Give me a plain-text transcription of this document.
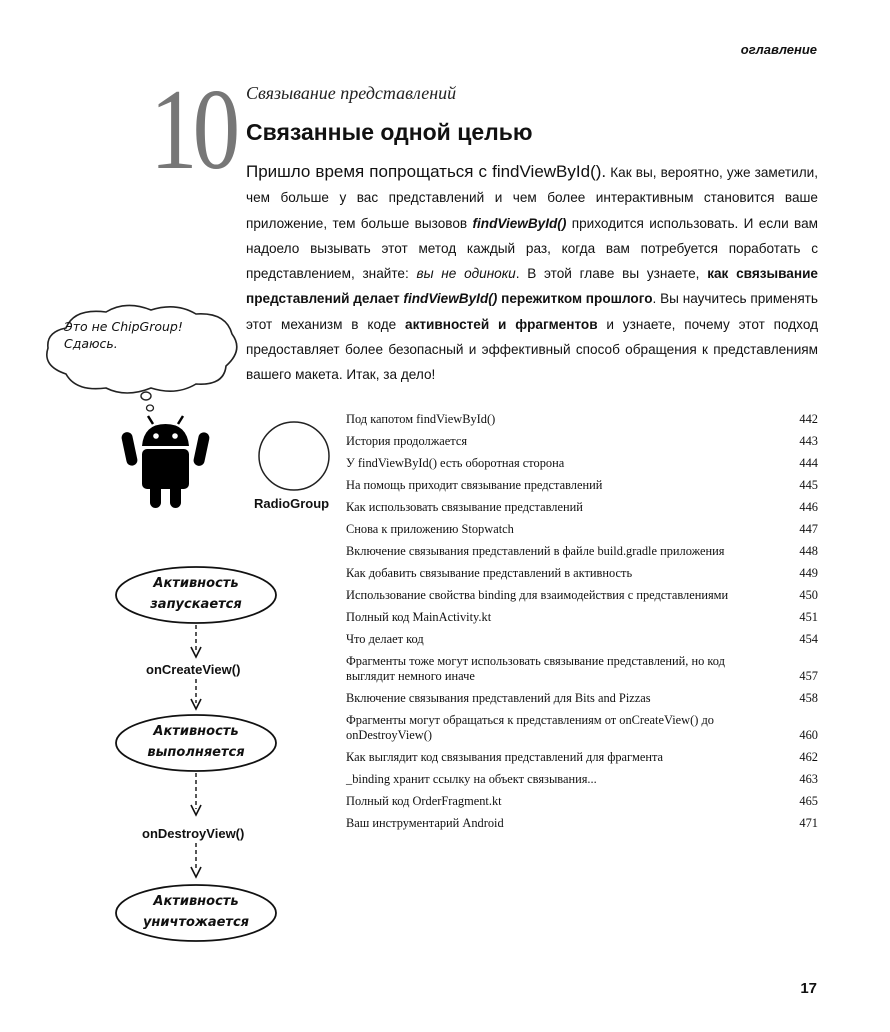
оглавление
10 Связывание представлений
Связанные одной целью
Пришло время попрощаться с findViewById(). Как вы, вероятно, уже заметили, чем больше у вас представлений и чем более интерактивным становится ваше приложение, тем больше вызовов findViewById() приходится использовать. И если вам надоело вызывать этот метод каждый раз, когда вам потребуется поработать с представлением, знайте: вы не одиноки. В этой главе вы узнаете, как связывание представлений делает findViewById() пережитком прошлого. Вы научитесь применять этот механизм в коде активностей и фрагментов и узнаете, почему этот подход предоставляет более безопасный и эффективный способ обращения к представлениям вашего макета. Итак, за дело!
Это не ChipGroup!
Сдаюсь.
RadioGroup
Активность
запускается
onCreateView()
Активность
выполняется
onDestroyView()
Активность
уничтожается
Под капотом findViewById()	442
История продолжается	443
У findViewById() есть оборотная сторона	444
На помощь приходит связывание представлений	445
Как использовать связывание представлений	446
Снова к приложению Stopwatch	447
Включение связывания представлений в файле build.gradle приложения	448
Как добавить связывание представлений в активность	449
Использование свойства binding для взаимодействия с представлениями	450
Полный код MainActivity.kt	451
Что делает код	454
Фрагменты тоже могут использовать связывание представлений, но код выглядит немного иначе	457
Включение связывания представлений для Bits and Pizzas	458
Фрагменты могут обращаться к представлениям от onCreateView() до onDestroyView()	460
Как выглядит код связывания представлений для фрагмента	462
_binding хранит ссылку на объект связывания...	463
Полный код OrderFragment.kt	465
Ваш инструментарий Android	471
17
